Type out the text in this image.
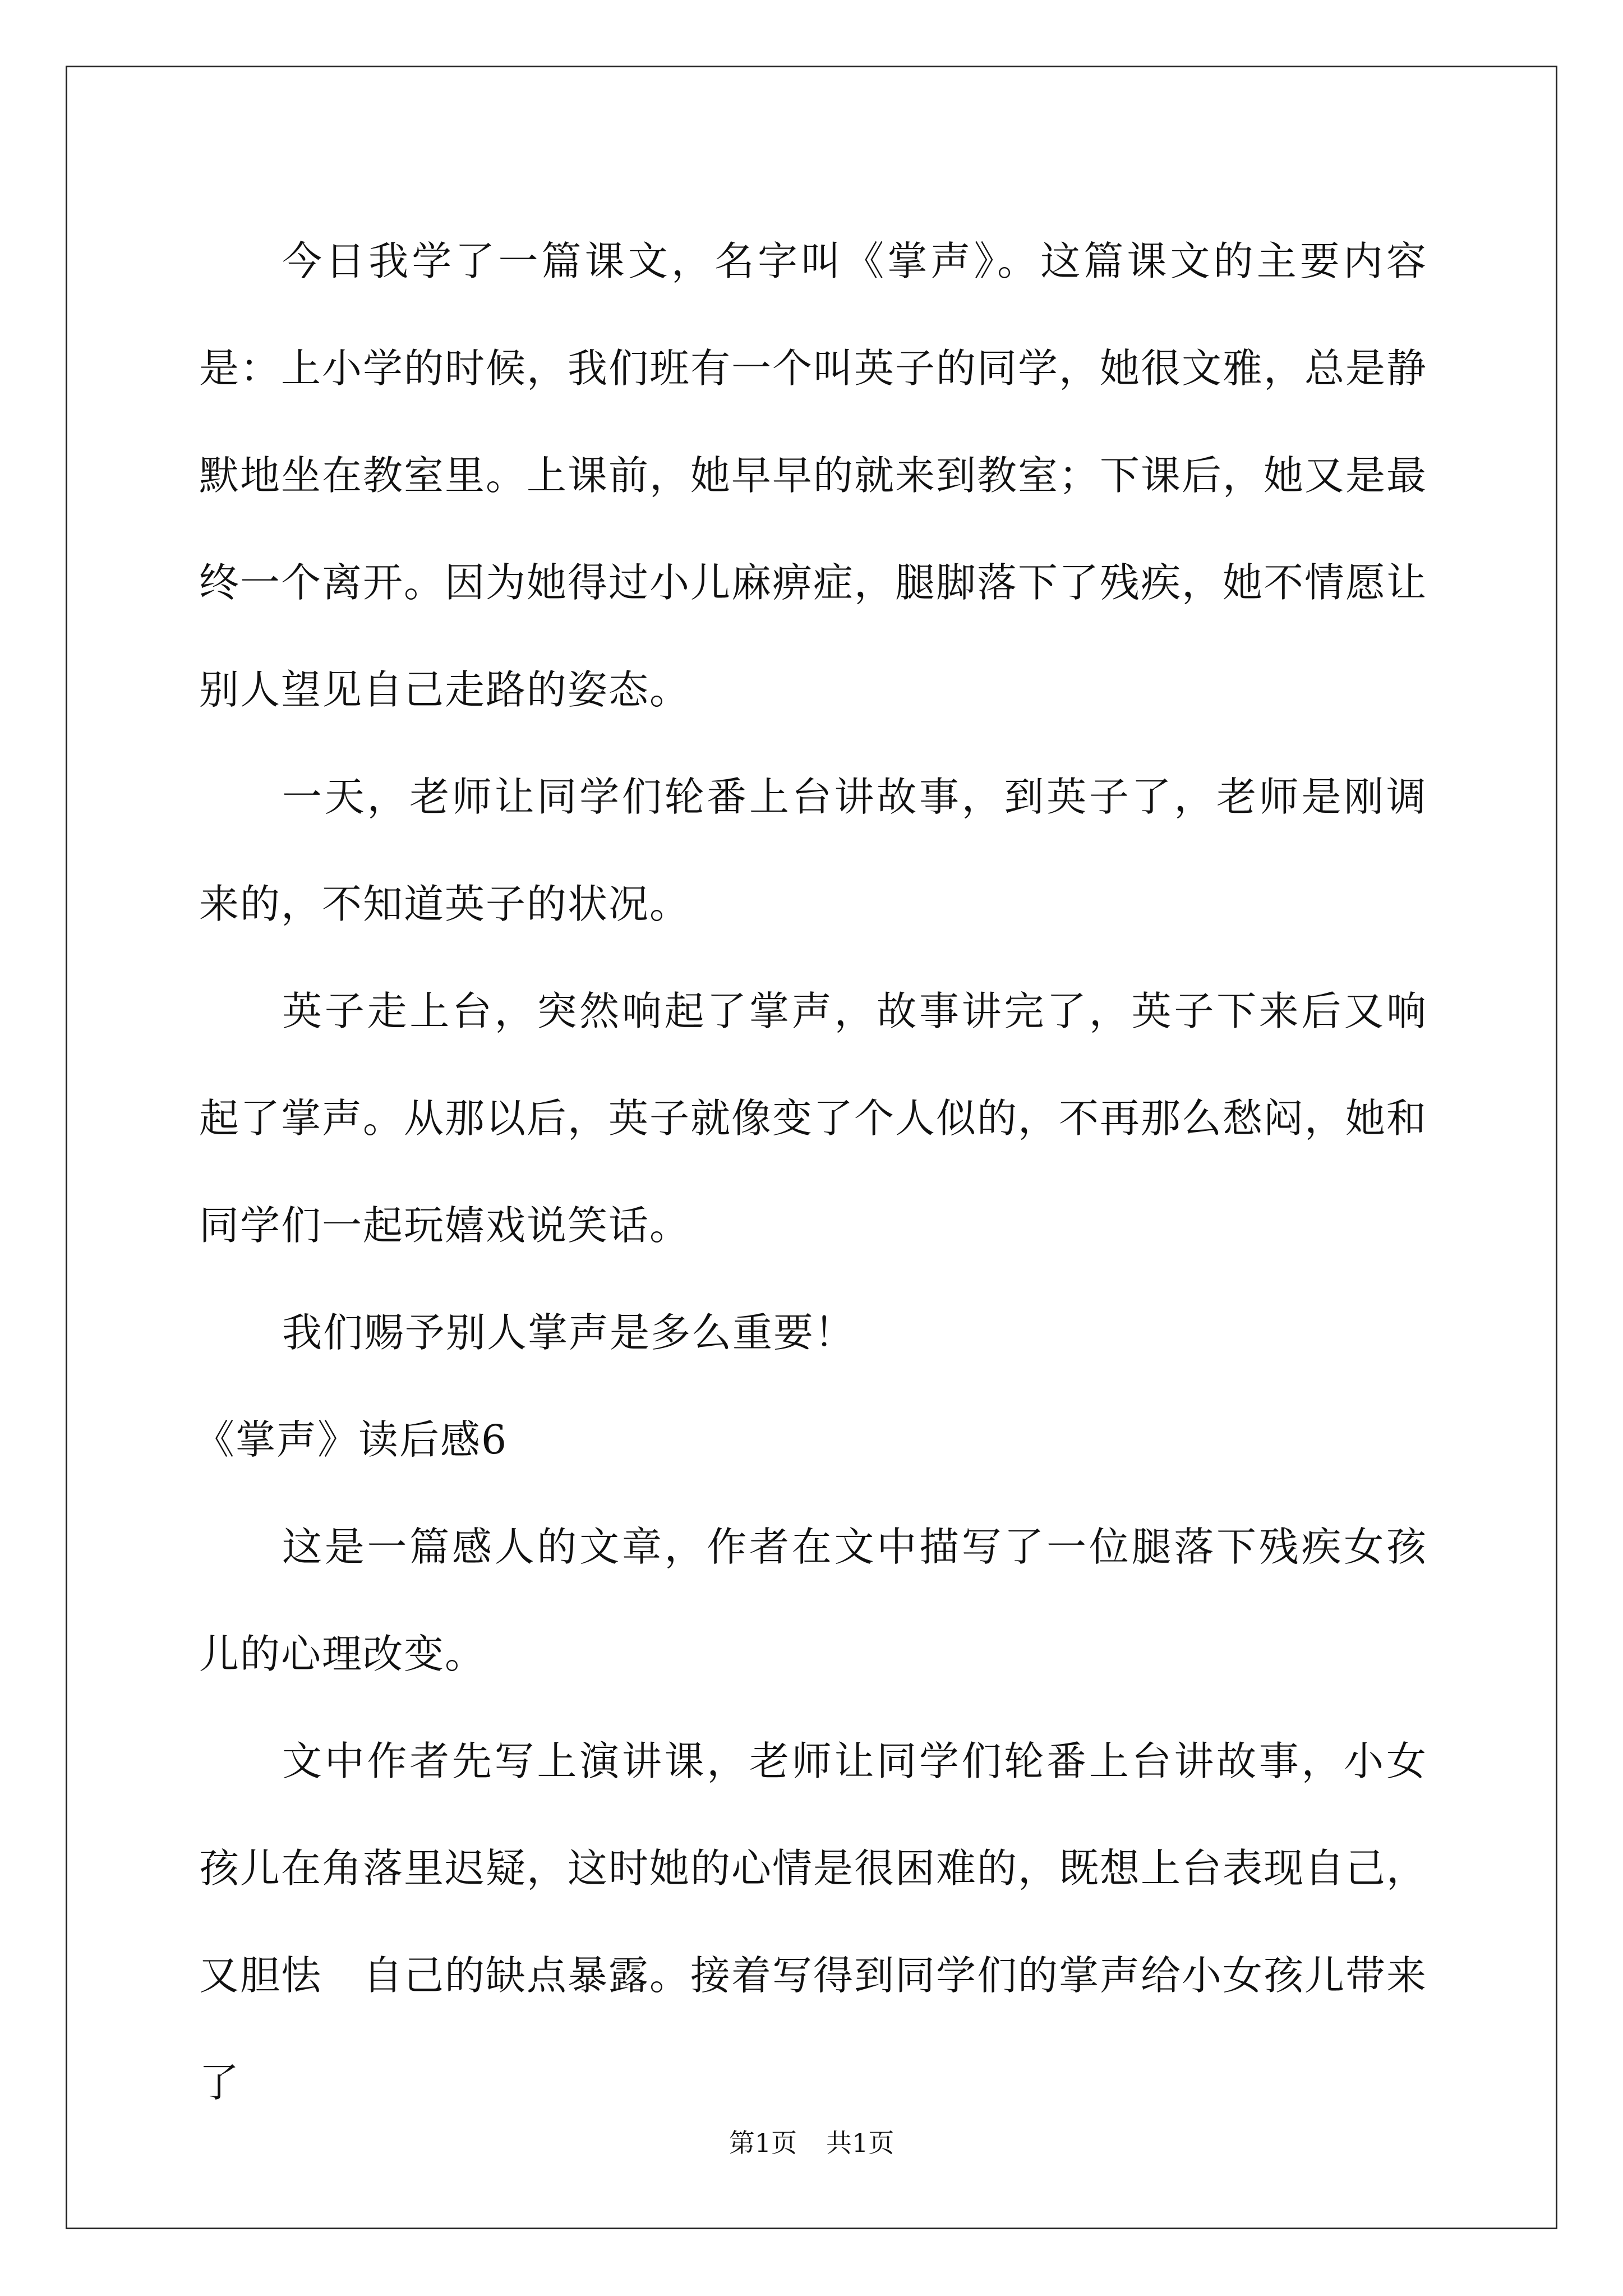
今日我学了一篇课文，名字叫《掌声》。这篇课文的主要内容是：上小学的时候，我们班有一个叫英子的同学，她很文雅，总是静默地坐在教室里。上课前，她早早的就来到教室；下课后，她又是最终一个离开。因为她得过小儿麻痹症，腿脚落下了残疾，她不情愿让别人望见自己走路的姿态。

一天，老师让同学们轮番上台讲故事，到英子了，老师是刚调来的，不知道英子的状况。

英子走上台，突然响起了掌声，故事讲完了，英子下来后又响起了掌声。从那以后，英子就像变了个人似的，不再那么愁闷，她和同学们一起玩嬉戏说笑话。

我们赐予别人掌声是多么重要！

《掌声》读后感6

这是一篇感人的文章，作者在文中描写了一位腿落下残疾女孩儿的心理改变。

文中作者先写上演讲课，老师让同学们轮番上台讲故事，小女孩儿在角落里迟疑，这时她的心情是很困难的，既想上台表现自己，又胆怯　自己的缺点暴露。接着写得到同学们的掌声给小女孩儿带来了

第1页 共1页
